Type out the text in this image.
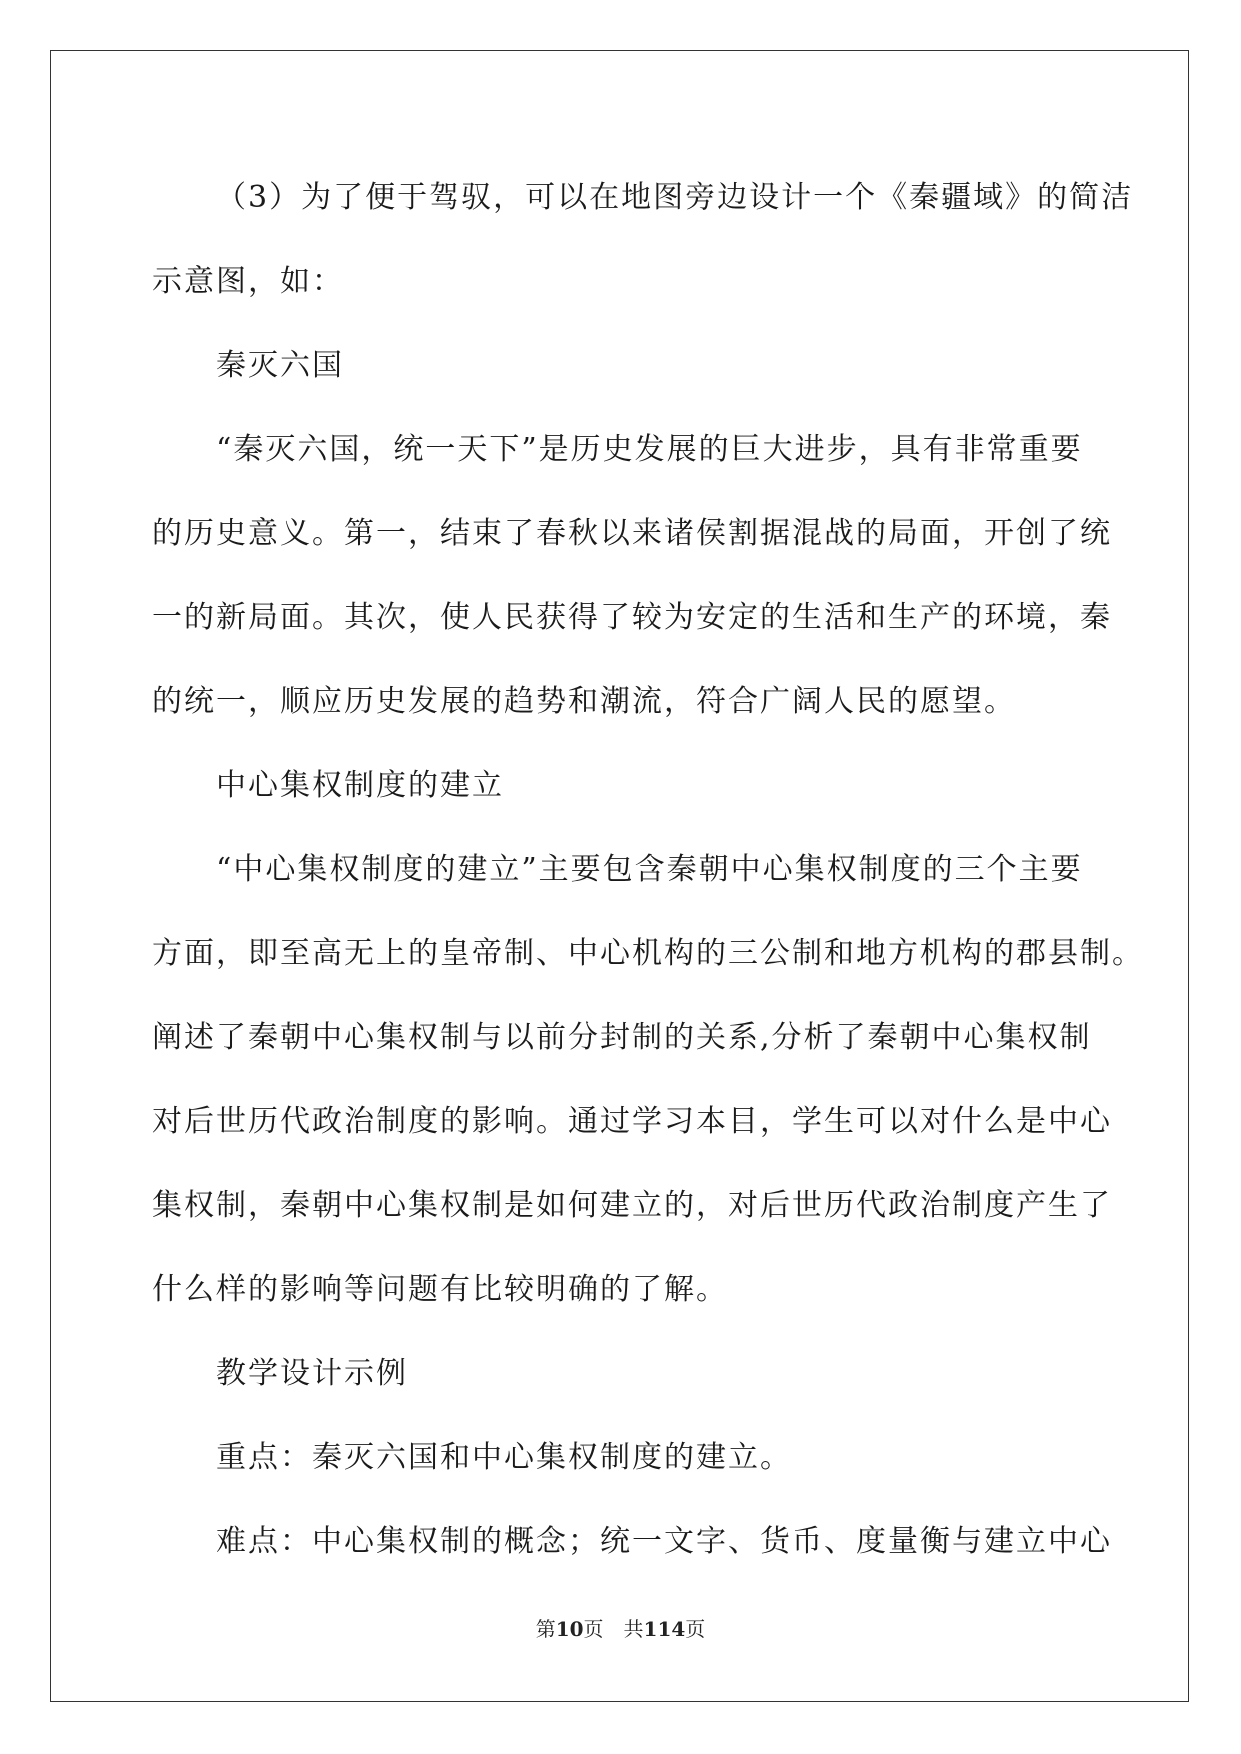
（3）为了便于驾驭，可以在地图旁边设计一个《秦疆域》的简洁

示意图，如：

秦灭六国

“秦灭六国，统一天下”是历史发展的巨大进步，具有非常重要

的历史意义。第一，结束了春秋以来诸侯割据混战的局面，开创了统

一的新局面。其次，使人民获得了较为安定的生活和生产的环境，秦

的统一，顺应历史发展的趋势和潮流，符合广阔人民的愿望。

中心集权制度的建立

“中心集权制度的建立”主要包含秦朝中心集权制度的三个主要

方面，即至高无上的皇帝制、中心机构的三公制和地方机构的郡县制。

阐述了秦朝中心集权制与以前分封制的关系,分析了秦朝中心集权制

对后世历代政治制度的影响。通过学习本目，学生可以对什么是中心

集权制，秦朝中心集权制是如何建立的，对后世历代政治制度产生了

什么样的影响等问题有比较明确的了解。

教学设计示例

重点：秦灭六国和中心集权制度的建立。

难点：中心集权制的概念；统一文字、货币、度量衡与建立中心

第10页 共114页
